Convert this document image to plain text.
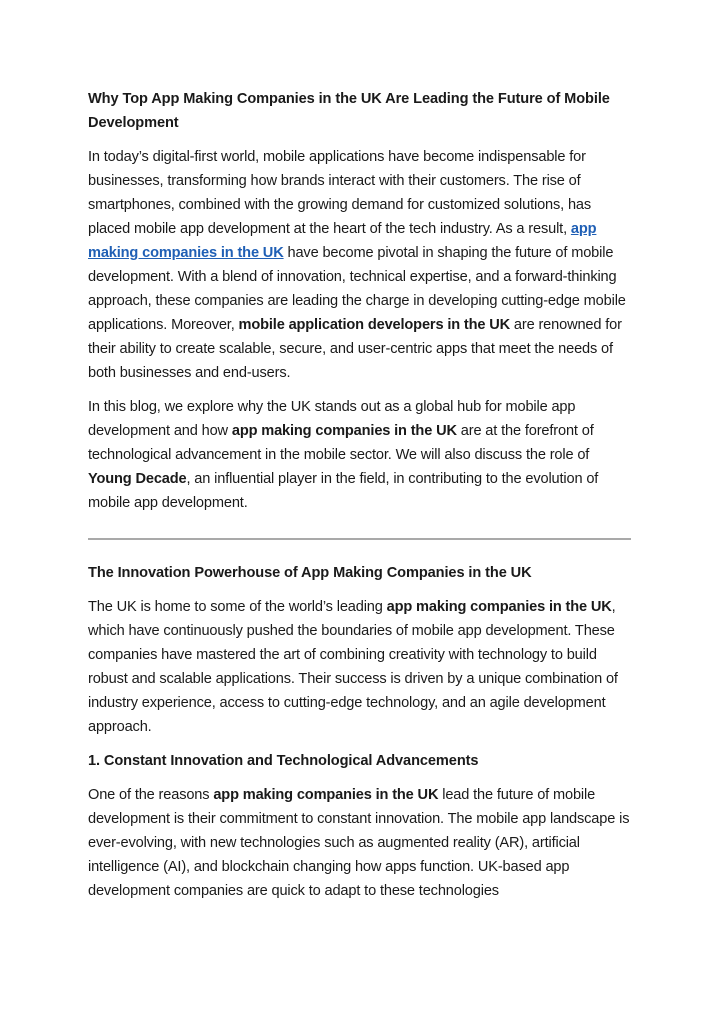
Why Top App Making Companies in the UK Are Leading the Future of Mobile Development

In today’s digital-first world, mobile applications have become indispensable for businesses, transforming how brands interact with their customers. The rise of smartphones, combined with the growing demand for customized solutions, has placed mobile app development at the heart of the tech industry. As a result, app making companies in the UK have become pivotal in shaping the future of mobile development. With a blend of innovation, technical expertise, and a forward-thinking approach, these companies are leading the charge in developing cutting-edge mobile applications. Moreover, mobile application developers in the UK are renowned for their ability to create scalable, secure, and user-centric apps that meet the needs of both businesses and end-users.

In this blog, we explore why the UK stands out as a global hub for mobile app development and how app making companies in the UK are at the forefront of technological advancement in the mobile sector. We will also discuss the role of Young Decade, an influential player in the field, in contributing to the evolution of mobile app development.

The Innovation Powerhouse of App Making Companies in the UK

The UK is home to some of the world’s leading app making companies in the UK, which have continuously pushed the boundaries of mobile app development. These companies have mastered the art of combining creativity with technology to build robust and scalable applications. Their success is driven by a unique combination of industry experience, access to cutting-edge technology, and an agile development approach.

1. Constant Innovation and Technological Advancements

One of the reasons app making companies in the UK lead the future of mobile development is their commitment to constant innovation. The mobile app landscape is ever-evolving, with new technologies such as augmented reality (AR), artificial intelligence (AI), and blockchain changing how apps function. UK-based app development companies are quick to adapt to these technologies
